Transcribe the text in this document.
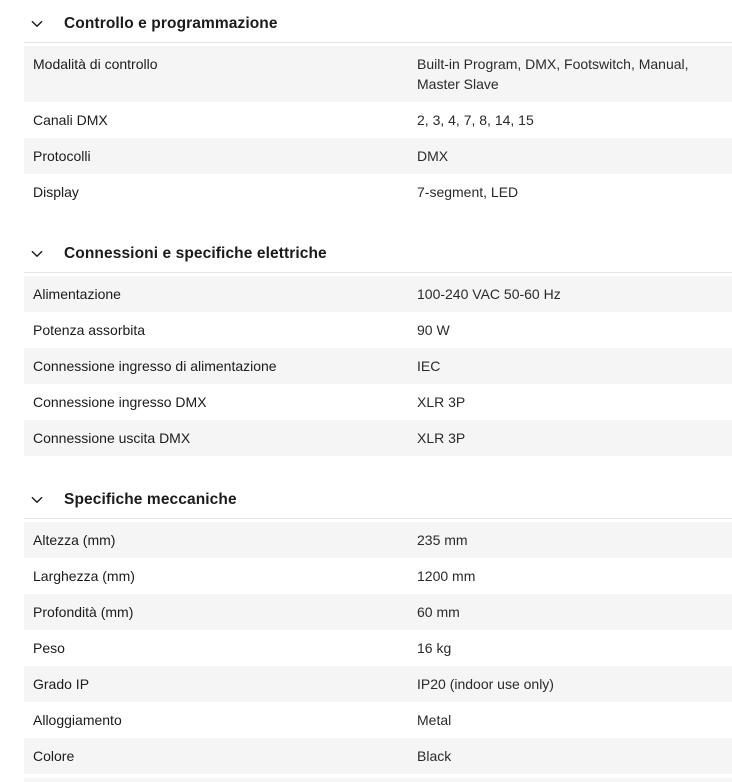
Controllo e programmazione
Modalità di controllo	Built-in Program, DMX, Footswitch, Manual, Master Slave
Canali DMX	2, 3, 4, 7, 8, 14, 15
Protocolli	DMX
Display	7-segment, LED
Connessioni e specifiche elettriche
Alimentazione	100-240 VAC 50-60 Hz
Potenza assorbita	90 W
Connessione ingresso di alimentazione	IEC
Connessione ingresso DMX	XLR 3P
Connessione uscita DMX	XLR 3P
Specifiche meccaniche
Altezza (mm)	235 mm
Larghezza (mm)	1200 mm
Profondità (mm)	60 mm
Peso	16 kg
Grado IP	IP20 (indoor use only)
Alloggiamento	Metal
Colore	Black
